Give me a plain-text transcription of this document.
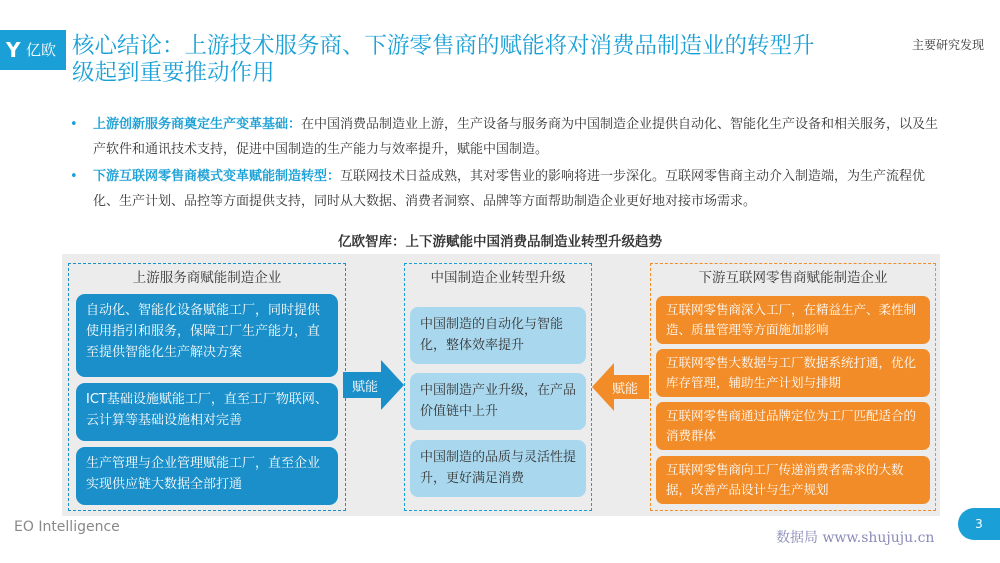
Y 亿欧 核心结论：上游技术服务商、下游零售商的赋能将对消费品制造业的转型升级起到重要推动作用
主要研究发现
• 上游创新服务商奠定生产变革基础：在中国消费品制造业上游，生产设备与服务商为中国制造企业提供自动化、智能化生产设备和相关服务，以及生产软件和通讯技术支持，促进中国制造的生产能力与效率提升，赋能中国制造。
• 下游互联网零售商模式变革赋能制造转型：互联网技术日益成熟，其对零售业的影响将进一步深化。互联网零售商主动介入制造端，为生产流程优化、生产计划、品控等方面提供支持，同时从大数据、消费者洞察、品牌等方面帮助制造企业更好地对接市场需求。
亿欧智库：上下游赋能中国消费品制造业转型升级趋势
上游服务商赋能制造企业	中国制造企业转型升级	下游互联网零售商赋能制造企业
自动化、智能化设备赋能工厂，同时提供使用指引和服务，保障工厂生产能力，直至提供智能化生产解决方案
ICT基础设施赋能工厂，直至工厂物联网、云计算等基础设施相对完善
生产管理与企业管理赋能工厂，直至企业实现供应链大数据全部打通
中国制造的自动化与智能化，整体效率提升
中国制造产业升级，在产品价值链中上升
中国制造的品质与灵活性提升，更好满足消费
互联网零售商深入工厂，在精益生产、柔性制造、质量管理等方面施加影响
互联网零售大数据与工厂数据系统打通，优化库存管理，辅助生产计划与排期
互联网零售商通过品牌定位为工厂匹配适合的消费群体
互联网零售商向工厂传递消费者需求的大数据，改善产品设计与生产规划
赋能	赋能
EO Intelligence	3
数据局 www.shujuju.cn
